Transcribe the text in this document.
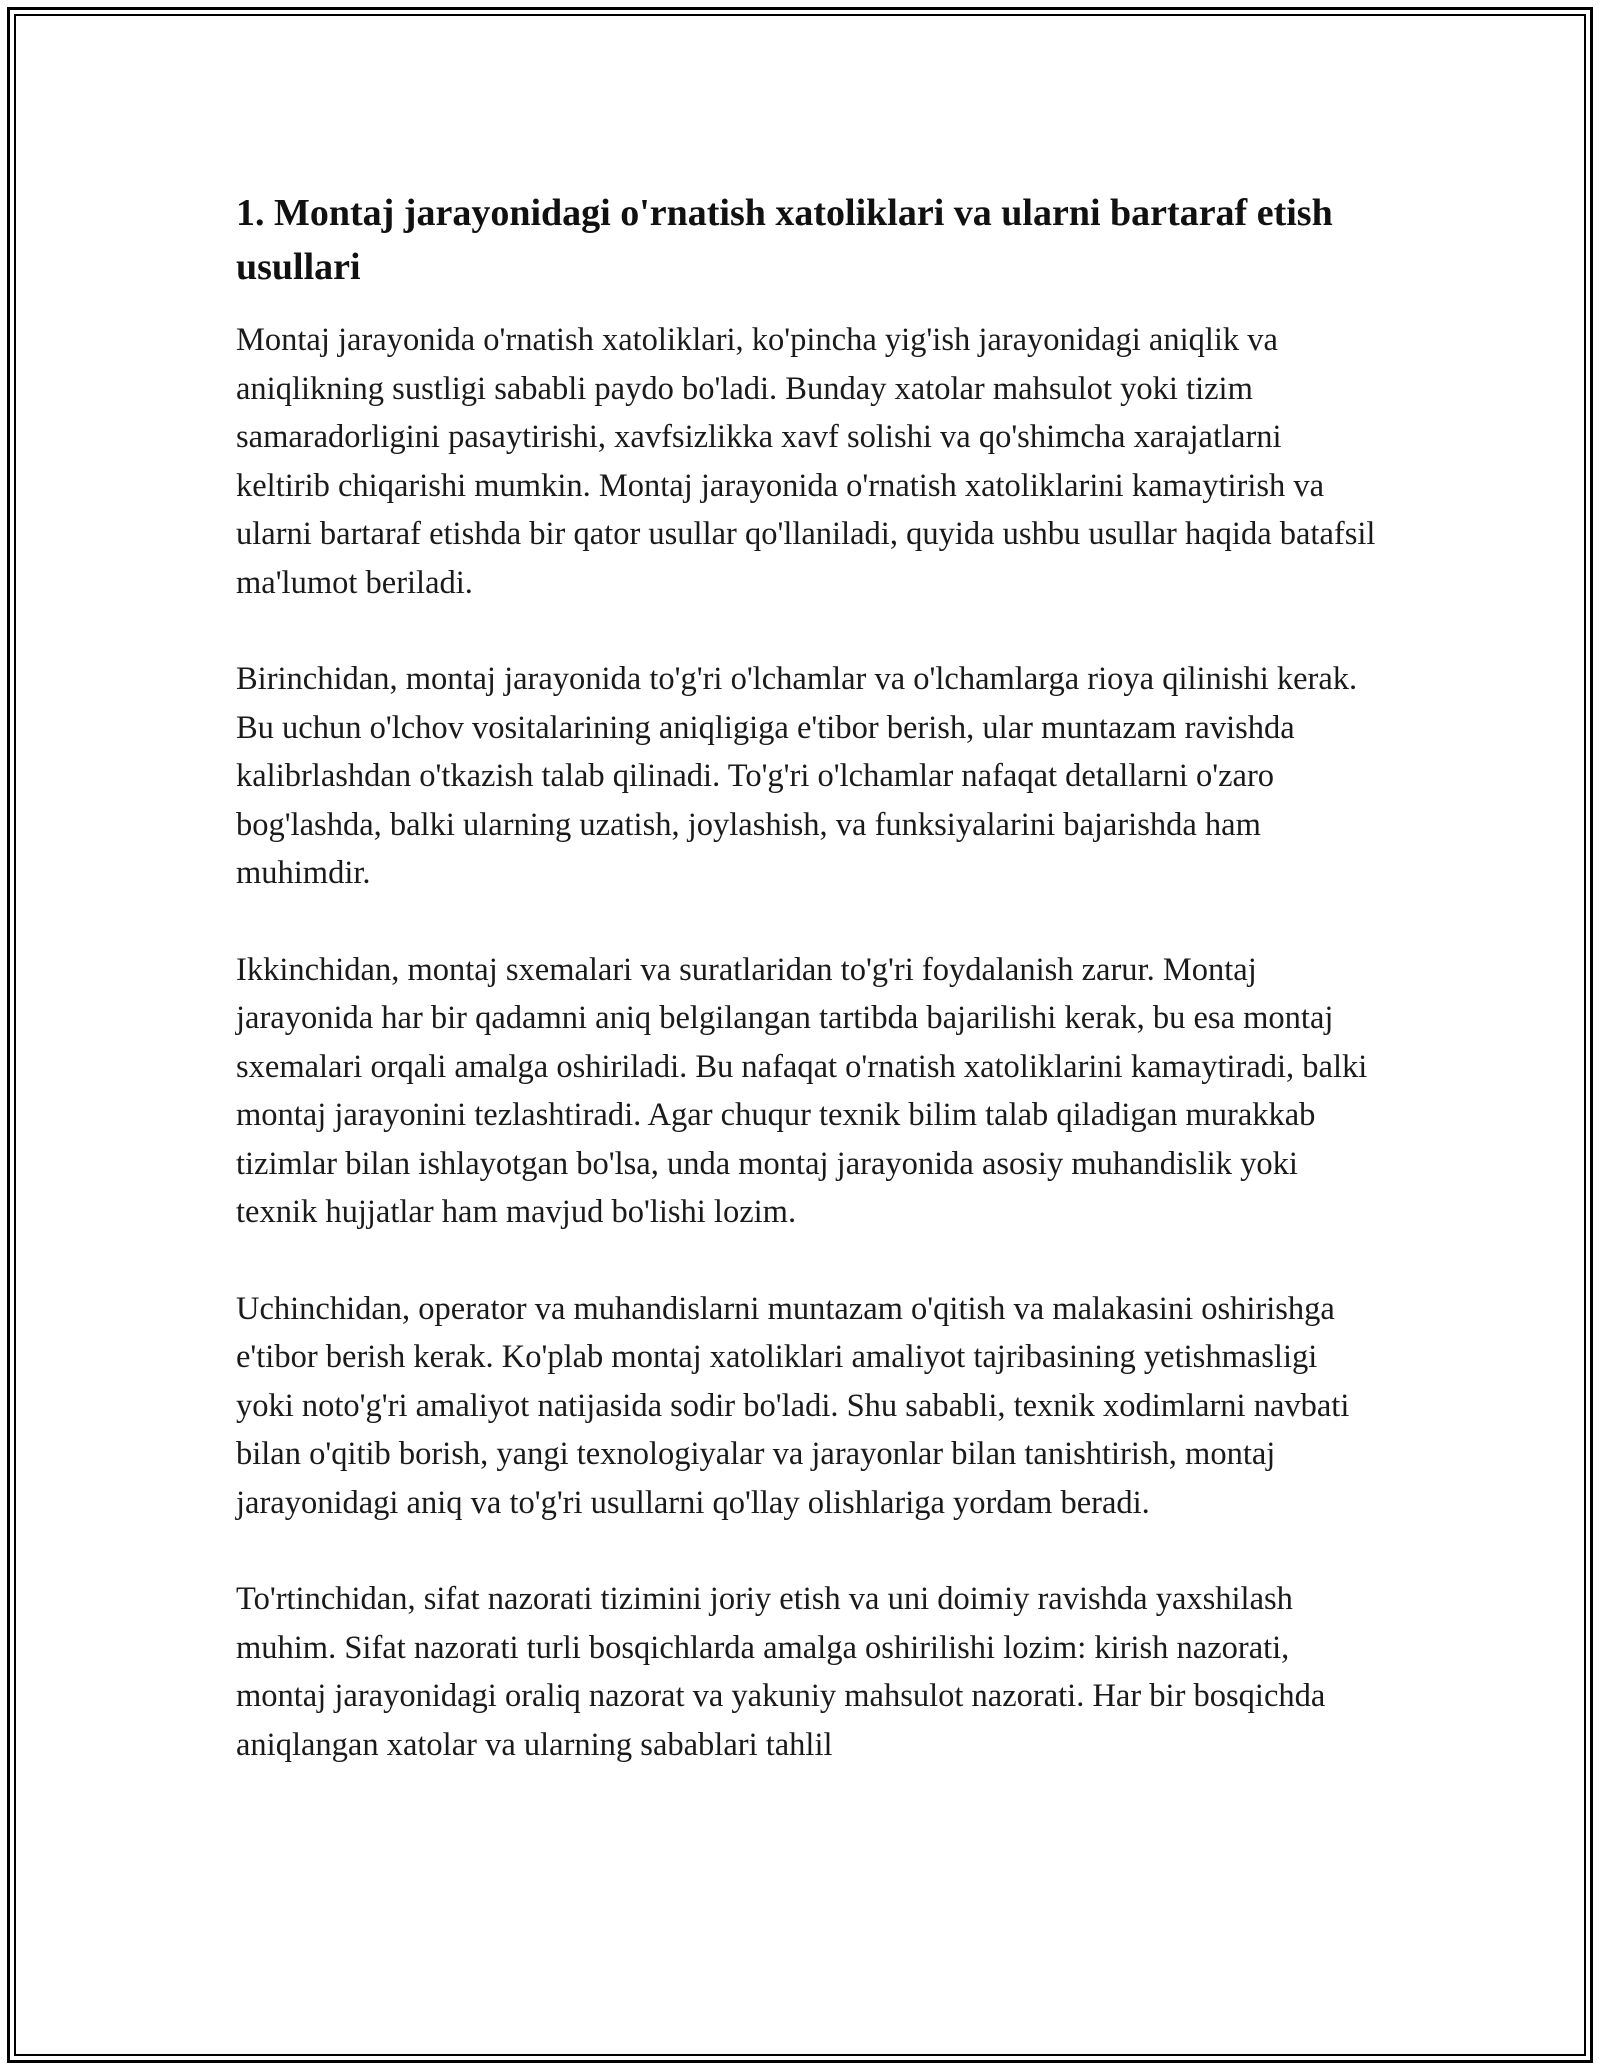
1. Montaj jarayonidagi o'rnatish xatoliklari va ularni bartaraf etish usullari

Montaj jarayonida o'rnatish xatoliklari, ko'pincha yig'ish jarayonidagi aniqlik va aniqlikning sustligi sababli paydo bo'ladi. Bunday xatolar mahsulot yoki tizim samaradorligini pasaytirishi, xavfsizlikka xavf solishi va qo'shimcha xarajatlarni keltirib chiqarishi mumkin. Montaj jarayonida o'rnatish xatoliklarini kamaytirish va ularni bartaraf etishda bir qator usullar qo'llaniladi, quyida ushbu usullar haqida batafsil ma'lumot beriladi.

Birinchidan, montaj jarayonida to'g'ri o'lchamlar va o'lchamlarga rioya qilinishi kerak. Bu uchun o'lchov vositalarining aniqligiga e'tibor berish, ular muntazam ravishda kalibrlashdan o'tkazish talab qilinadi. To'g'ri o'lchamlar nafaqat detallarni o'zaro bog'lashda, balki ularning uzatish, joylashish, va funksiyalarini bajarishda ham muhimdir.

Ikkinchidan, montaj sxemalari va suratlaridan to'g'ri foydalanish zarur. Montaj jarayonida har bir qadamni aniq belgilangan tartibda bajarilishi kerak, bu esa montaj sxemalari orqali amalga oshiriladi. Bu nafaqat o'rnatish xatoliklarini kamaytiradi, balki montaj jarayonini tezlashtiradi. Agar chuqur texnik bilim talab qiladigan murakkab tizimlar bilan ishlayotgan bo'lsa, unda montaj jarayonida asosiy muhandislik yoki texnik hujjatlar ham mavjud bo'lishi lozim.

Uchinchidan, operator va muhandislarni muntazam o'qitish va malakasini oshirishga e'tibor berish kerak. Ko'plab montaj xatoliklari amaliyot tajribasining yetishmasligi yoki noto'g'ri amaliyot natijasida sodir bo'ladi. Shu sababli, texnik xodimlarni navbati bilan o'qitib borish, yangi texnologiyalar va jarayonlar bilan tanishtirish, montaj jarayonidagi aniq va to'g'ri usullarni qo'llay olishlariga yordam beradi.

To'rtinchidan, sifat nazorati tizimini joriy etish va uni doimiy ravishda yaxshilash muhim. Sifat nazorati turli bosqichlarda amalga oshirilishi lozim: kirish nazorati, montaj jarayonidagi oraliq nazorat va yakuniy mahsulot nazorati. Har bir bosqichda aniqlangan xatolar va ularning sabablari tahlil
